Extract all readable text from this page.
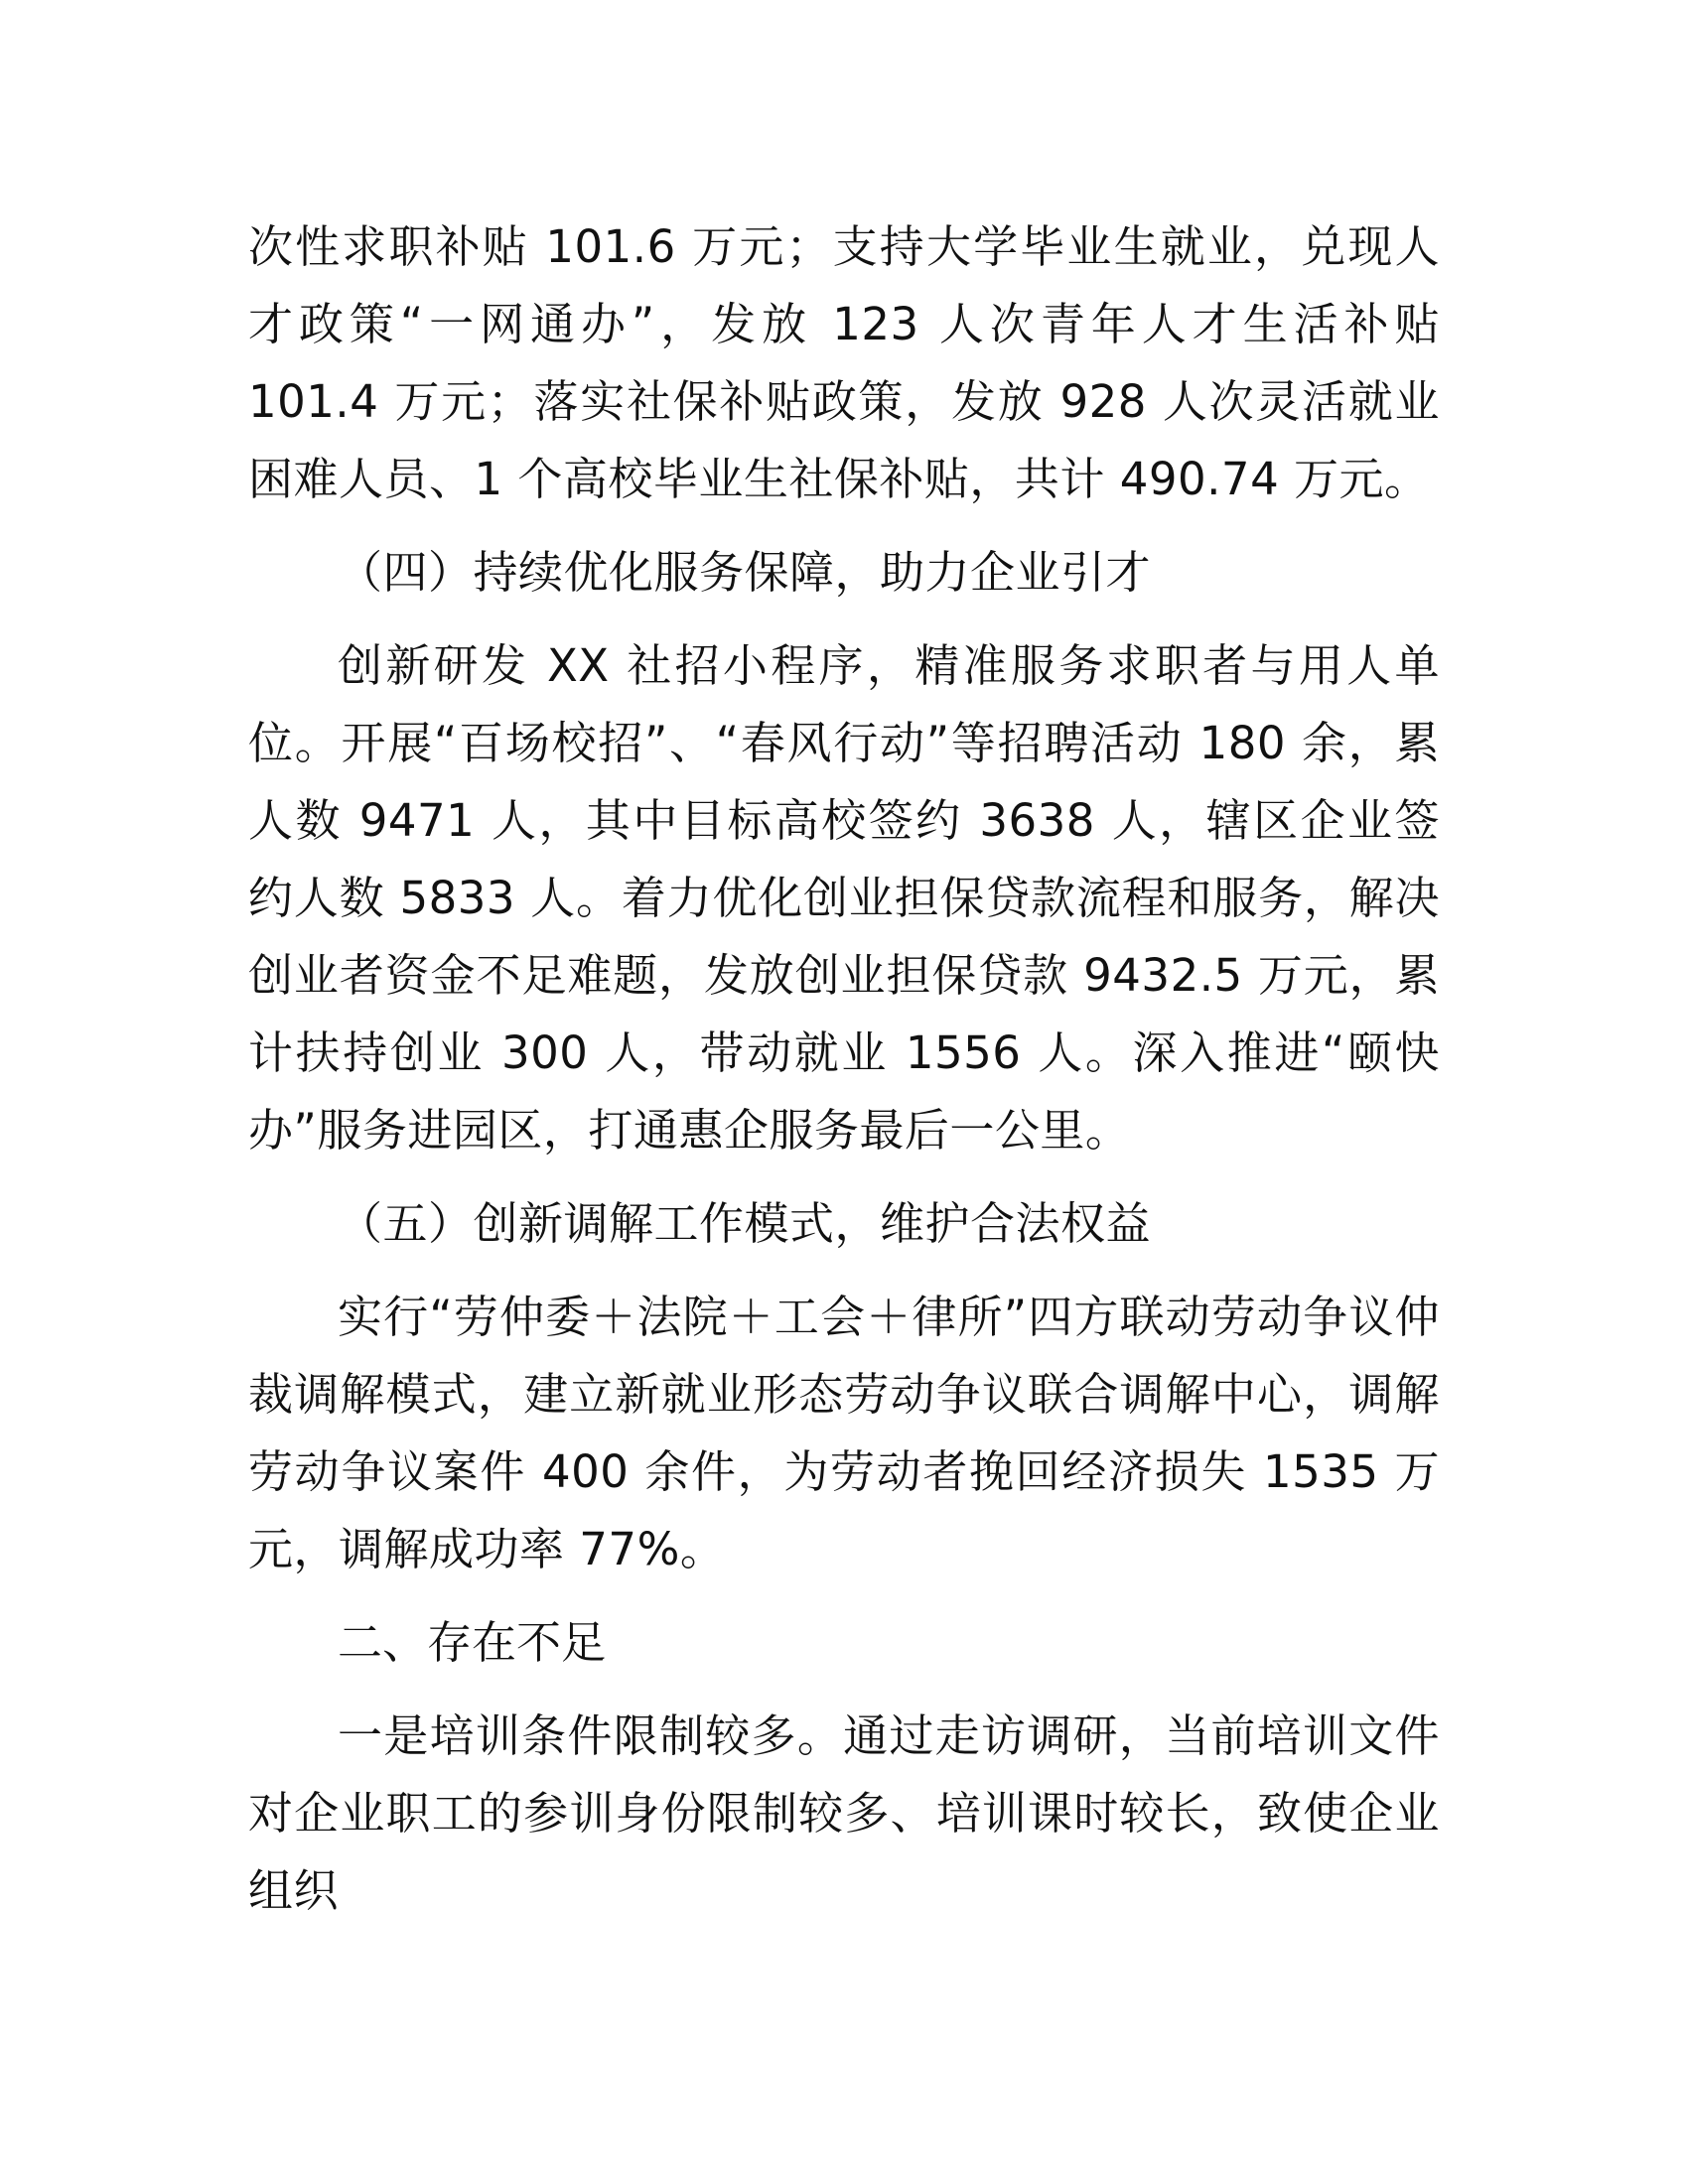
次性求职补贴 101.6 万元；支持大学毕业生就业，兑现人才政策“一网通办”，发放 123 人次青年人才生活补贴 101.4 万元；落实社保补贴政策，发放 928 人次灵活就业困难人员、1 个高校毕业生社保补贴，共计 490.74 万元。

（四）持续优化服务保障，助力企业引才

创新研发 XX 社招小程序，精准服务求职者与用人单位。开展“百场校招”、“春风行动”等招聘活动 180 余，累人数 9471 人，其中目标高校签约 3638 人，辖区企业签约人数 5833 人。着力优化创业担保贷款流程和服务，解决创业者资金不足难题，发放创业担保贷款 9432.5 万元，累计扶持创业 300 人，带动就业 1556 人。深入推进“颐快办”服务进园区，打通惠企服务最后一公里。

（五）创新调解工作模式，维护合法权益

实行“劳仲委＋法院＋工会＋律所”四方联动劳动争议仲裁调解模式，建立新就业形态劳动争议联合调解中心，调解劳动争议案件 400 余件，为劳动者挽回经济损失 1535 万元，调解成功率 77%。

二、存在不足

一是培训条件限制较多。通过走访调研，当前培训文件对企业职工的参训身份限制较多、培训课时较长，致使企业组织
